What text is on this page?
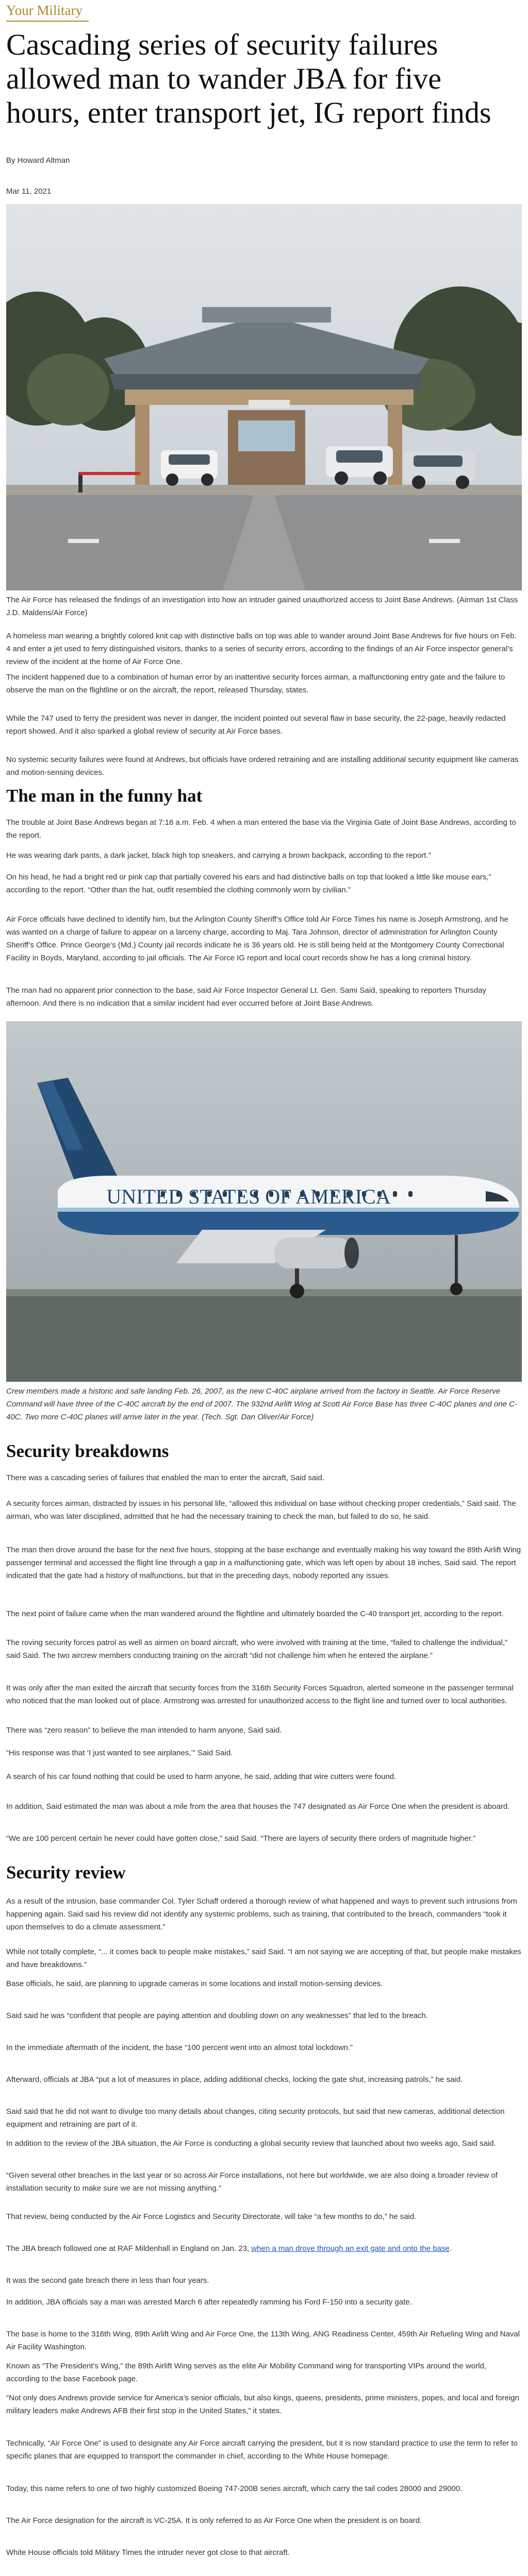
Your Military
Cascading series of security failures allowed man to wander JBA for five hours, enter transport jet, IG report finds
By Howard Altman
Mar 11, 2021

The Air Force has released the findings of an investigation into how an intruder gained unauthorized access to Joint Base Andrews. (Airman 1st Class J.D. Maldens/Air Force)

A homeless man wearing a brightly colored knit cap with distinctive balls on top was able to wander around Joint Base Andrews for five hours on Feb. 4 and enter a jet used to ferry distinguished visitors, thanks to a series of security errors, according to the findings of an Air Force inspector general’s review of the incident at the home of Air Force One.

The incident happened due to a combination of human error by an inattentive security forces airman, a malfunctioning entry gate and the failure to observe the man on the flightline or on the aircraft, the report, released Thursday, states.

While the 747 used to ferry the president was never in danger, the incident pointed out several flaw in base security, the 22-page, heavily redacted report showed. And it also sparked a global review of security at Air Force bases.

No systemic security failures were found at Andrews, but officials have ordered retraining and are installing additional security equipment like cameras and motion-sensing devices.

The man in the funny hat

The trouble at Joint Base Andrews began at 7:16 a.m. Feb. 4 when a man entered the base via the Virginia Gate of Joint Base Andrews, according to the report.

He was wearing dark pants, a dark jacket, black high top sneakers, and carrying a brown backpack, according to the report.”

On his head, he had a bright red or pink cap that partially covered his ears and had distinctive balls on top that looked a little like mouse ears,” according to the report. “Other than the hat, outfit resembled the clothing commonly worn by civilian.”

Air Force officials have declined to identify him, but the Arlington County Sheriff’s Office told Air Force Times his name is Joseph Armstrong, and he was wanted on a charge of failure to appear on a larceny charge, according to Maj. Tara Johnson, director of administration for Arlington County Sheriff’s Office. Prince George’s (Md.) County jail records indicate he is 36 years old. He is still being held at the Montgomery County Correctional Facility in Boyds, Maryland, according to jail officials. The Air Force IG report and local court records show he has a long criminal history.

The man had no apparent prior connection to the base, said Air Force Inspector General Lt. Gen. Sami Said, speaking to reporters Thursday afternoon. And there is no indication that a similar incident had ever occurred before at Joint Base Andrews.

UNITED STATES OF AMERICA

Crew members made a historic and safe landing Feb. 26, 2007, as the new C-40C airplane arrived from the factory in Seattle. Air Force Reserve Command will have three of the C-40C aircraft by the end of 2007. The 932nd Airlift Wing at Scott Air Force Base has three C-40C planes and one C-40C. Two more C-40C planes will arrive later in the year. (Tech. Sgt. Dan Oliver/Air Force)

Security breakdowns

There was a cascading series of failures that enabled the man to enter the aircraft, Said said.

A security forces airman, distracted by issues in his personal life, “allowed this individual on base without checking proper credentials,” Said said. The airman, who was later disciplined, admitted that he had the necessary training to check the man, but failed to do so, he said.

The man then drove around the base for the next five hours, stopping at the base exchange and eventually making his way toward the 89th Airlift Wing passenger terminal and accessed the flight line through a gap in a malfunctioning gate, which was left open by about 18 inches, Said said. The report indicated that the gate had a history of malfunctions, but that in the preceding days, nobody reported any issues.

The next point of failure came when the man wandered around the flightline and ultimately boarded the C-40 transport jet, according to the report.

The roving security forces patrol as well as airmen on board aircraft, who were involved with training at the time, “failed to challenge the individual,” said Said. The two aircrew members conducting training on the aircraft “did not challenge him when he entered the airplane.”

It was only after the man exited the aircraft that security forces from the 316th Security Forces Squadron, alerted someone in the passenger terminal who noticed that the man looked out of place. Armstrong was arrested for unauthorized access to the flight line and turned over to local authorities.

There was “zero reason” to believe the man intended to harm anyone, Said said.

“His response was that ‘I just wanted to see airplanes,’” Said Said.

A search of his car found nothing that could be used to harm anyone, he said, adding that wire cutters were found.

In addition, Said estimated the man was about a mile from the area that houses the 747 designated as Air Force One when the president is aboard.

“We are 100 percent certain he never could have gotten close,” said Said. “There are layers of security there orders of magnitude higher.”

Security review

As a result of the intrusion, base commander Col. Tyler Schaff ordered a thorough review of what happened and ways to prevent such intrusions from happening again. Said said his review did not identify any systemic problems, such as training, that contributed to the breach, commanders “took it upon themselves to do a climate assessment.”

While not totally complete, “... it comes back to people make mistakes,” said Said. “I am not saying we are accepting of that, but people make mistakes and have breakdowns.”

Base officials, he said, are planning to upgrade cameras in some locations and install motion-sensing devices.

Said said he was “confident that people are paying attention and doubling down on any weaknesses” that led to the breach.

In the immediate aftermath of the incident, the base “100 percent went into an almost total lockdown.”

Afterward, officials at JBA “put a lot of measures in place, adding additional checks, locking the gate shut, increasing patrols,” he said.

Said said that he did not want to divulge too many details about changes, citing security protocols, but said that new cameras, additional detection equipment and retraining are part of it.

In addition to the review of the JBA situation, the Air Force is conducting a global security review that launched about two weeks ago, Said said.

“Given several other breaches in the last year or so across Air Force installations, not here but worldwide, we are also doing a broader review of installation security to make sure we are not missing anything.”

That review, being conducted by the Air Force Logistics and Security Directorate, will take “a few months to do,” he said.

The JBA breach followed one at RAF Mildenhall in England on Jan. 23, when a man drove through an exit gate and onto the base.

It was the second gate breach there in less than four years.

In addition, JBA officials say a man was arrested March 6 after repeatedly ramming his Ford F-150 into a security gate.

The base is home to the 316th Wing, 89th Airlift Wing and Air Force One, the 113th Wing, ANG Readiness Center, 459th Air Refueling Wing and Naval Air Facility Washington.

Known as “The President’s Wing,” the 89th Airlift Wing serves as the elite Air Mobility Command wing for transporting VIPs around the world, according to the base Facebook page.

“Not only does Andrews provide service for America’s senior officials, but also kings, queens, presidents, prime ministers, popes, and local and foreign military leaders make Andrews AFB their first stop in the United States,” it states.

Technically, “Air Force One” is used to designate any Air Force aircraft carrying the president, but it is now standard practice to use the term to refer to specific planes that are equipped to transport the commander in chief, according to the White House homepage.

Today, this name refers to one of two highly customized Boeing 747-200B series aircraft, which carry the tail codes 28000 and 29000.

The Air Force designation for the aircraft is VC-25A. It is only referred to as Air Force One when the president is on board.

White House officials told Military Times the intruder never got close to that aircraft.
